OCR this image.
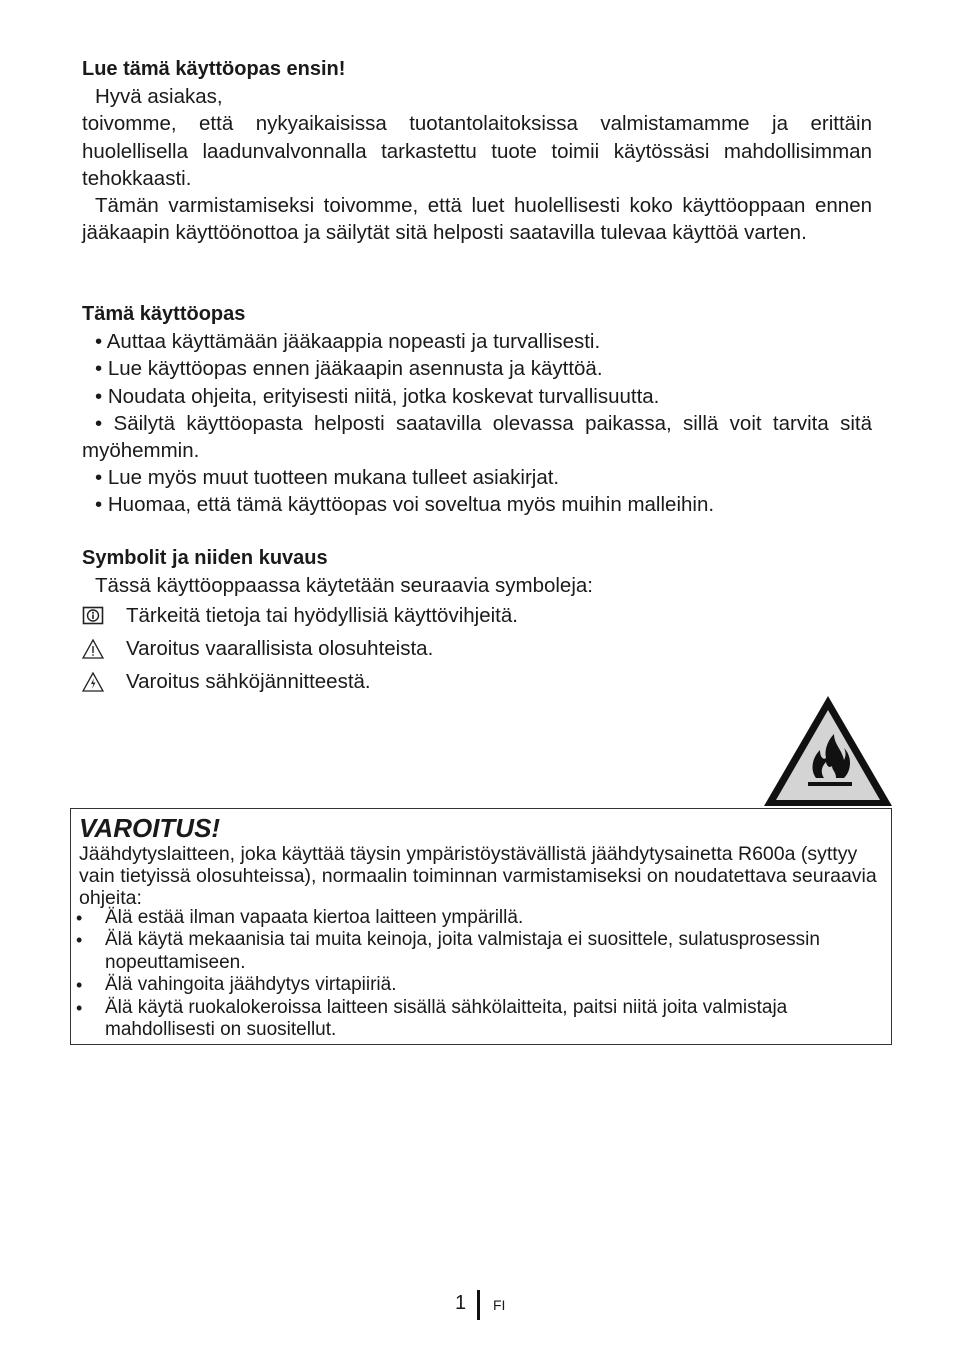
Lue tämä käyttöopas ensin!

Hyvä asiakas,

toivomme, että nykyaikaisissa tuotantolaitoksissa valmistamamme ja erittäin huolellisella laadunvalvonnalla tarkastettu tuote toimii käytössäsi mahdollisimman tehokkaasti.

Tämän varmistamiseksi toivomme, että luet huolellisesti koko käyttöoppaan ennen jääkaapin käyttöönottoa ja säilytät sitä helposti saatavilla tulevaa käyttöä varten.

Tämä käyttöopas

• Auttaa käyttämään jääkaappia nopeasti ja turvallisesti.

• Lue käyttöopas ennen jääkaapin asennusta ja käyttöä.

• Noudata ohjeita, erityisesti niitä, jotka koskevat turvallisuutta.

• Säilytä käyttöopasta helposti saatavilla olevassa paikassa, sillä voit tarvita sitä myöhemmin.

• Lue myös muut tuotteen mukana tulleet asiakirjat.

• Huomaa, että tämä käyttöopas voi soveltua myös muihin malleihin.

Symbolit ja niiden kuvaus

Tässä käyttöoppaassa käytetään seuraavia symboleja:

Tärkeitä tietoja tai hyödyllisiä käyttövihjeitä.
Varoitus vaarallisista olosuhteista.
Varoitus sähköjännitteestä.

VAROITUS!

Jäähdytyslaitteen, joka käyttää täysin ympäristöystävällistä jäähdytysainetta R600a (syttyy vain tietyissä olosuhteissa), normaalin toiminnan varmistamiseksi on noudatettava seuraavia ohjeita:

• Älä estää ilman vapaata kiertoa laitteen ympärillä.
• Älä käytä mekaanisia tai muita keinoja, joita valmistaja ei suosittele, sulatusprosessin nopeuttamiseen.
• Älä vahingoita jäähdytys virtapiiriä.
• Älä käytä ruokalokeroissa laitteen sisällä sähkölaitteita, paitsi niitä joita valmistaja mahdollisesti on suositellut.
1 FI
